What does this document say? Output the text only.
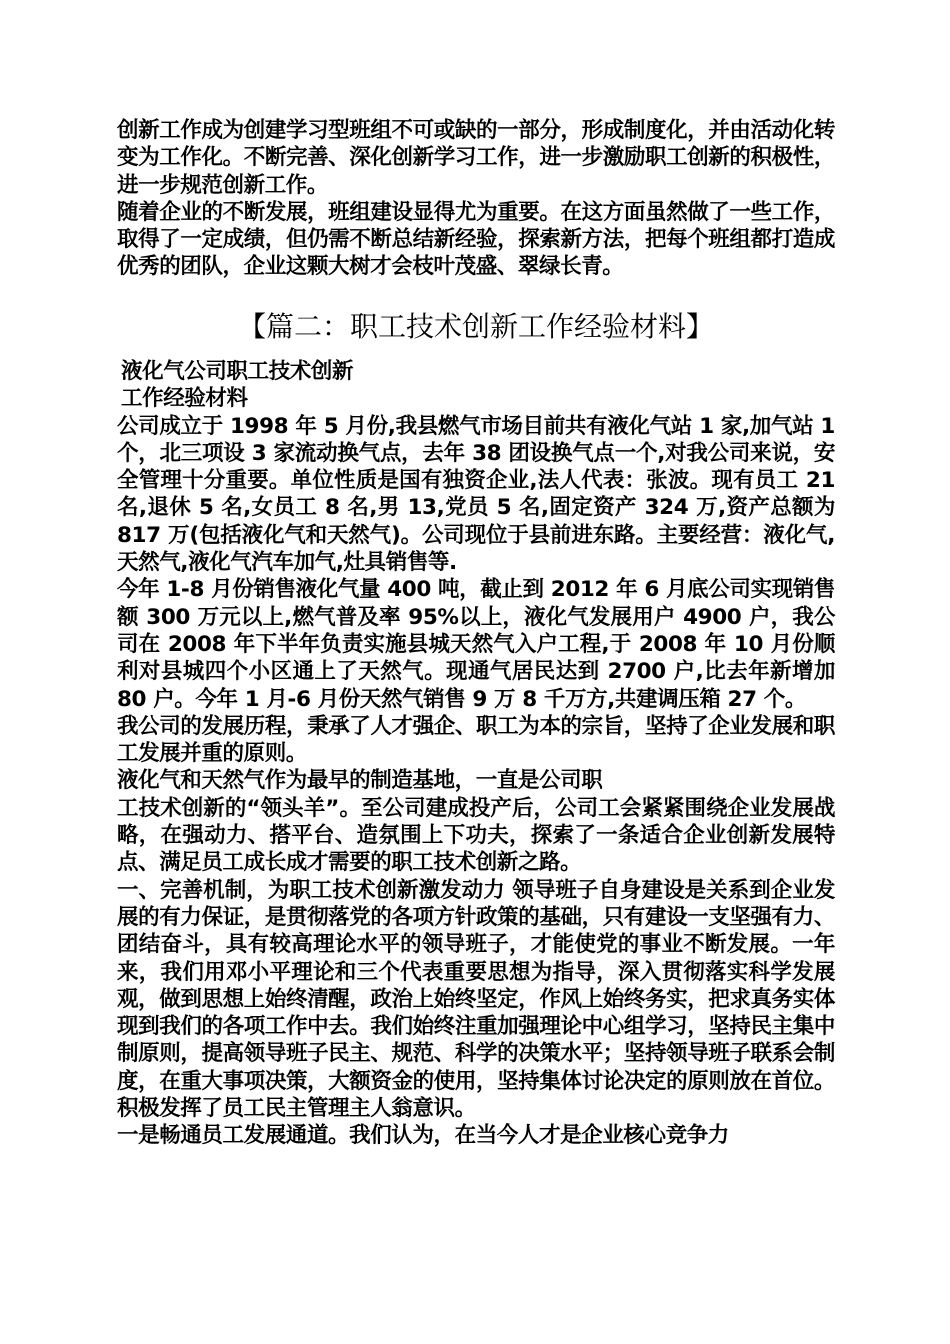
创新工作成为创建学习型班组不可或缺的一部分，形成制度化，并由活动化转变为工作化。不断完善、深化创新学习工作，进一步激励职工创新的积极性，进一步规范创新工作。

随着企业的不断发展，班组建设显得尤为重要。在这方面虽然做了一些工作，取得了一定成绩，但仍需不断总结新经验，探索新方法，把每个班组都打造成优秀的团队，企业这颗大树才会枝叶茂盛、翠绿长青。

【篇二：职工技术创新工作经验材料】

液化气公司职工技术创新

工作经验材料

公司成立于 1998 年 5 月份,我县燃气市场目前共有液化气站 1 家,加气站 1 个，北三项设 3 家流动换气点，去年 38 团设换气点一个,对我公司来说，安全管理十分重要。单位性质是国有独资企业,法人代表：张波。现有员工 21 名,退休 5 名,女员工 8 名,男 13,党员 5 名,固定资产 324 万,资产总额为 817 万(包括液化气和天然气)。公司现位于县前进东路。主要经营：液化气,天然气,液化气汽车加气,灶具销售等.

今年 1-8 月份销售液化气量 400 吨，截止到 2012 年 6 月底公司实现销售额 300 万元以上,燃气普及率 95%以上，液化气发展用户 4900 户，我公司在 2008 年下半年负责实施县城天然气入户工程,于 2008 年 10 月份顺利对县城四个小区通上了天然气。现通气居民达到 2700 户,比去年新增加 80 户。今年 1 月-6 月份天然气销售 9 万 8 千万方,共建调压箱 27 个。

我公司的发展历程，秉承了人才强企、职工为本的宗旨，坚持了企业发展和职工发展并重的原则。

液化气和天然气作为最早的制造基地，一直是公司职

工技术创新的“领头羊”。至公司建成投产后，公司工会紧紧围绕企业发展战略，在强动力、搭平台、造氛围上下功夫，探索了一条适合企业创新发展特点、满足员工成长成才需要的职工技术创新之路。

一、完善机制，为职工技术创新激发动力 领导班子自身建设是关系到企业发展的有力保证，是贯彻落党的各项方针政策的基础，只有建设一支坚强有力、团结奋斗，具有较高理论水平的领导班子，才能使党的事业不断发展。一年来，我们用邓小平理论和三个代表重要思想为指导，深入贯彻落实科学发展观，做到思想上始终清醒，政治上始终坚定，作风上始终务实，把求真务实体现到我们的各项工作中去。我们始终注重加强理论中心组学习，坚持民主集中制原则，提高领导班子民主、规范、科学的决策水平；坚持领导班子联系会制度，在重大事项决策，大额资金的使用，坚持集体讨论决定的原则放在首位。积极发挥了员工民主管理主人翁意识。

一是畅通员工发展通道。我们认为，在当今人才是企业核心竞争力
